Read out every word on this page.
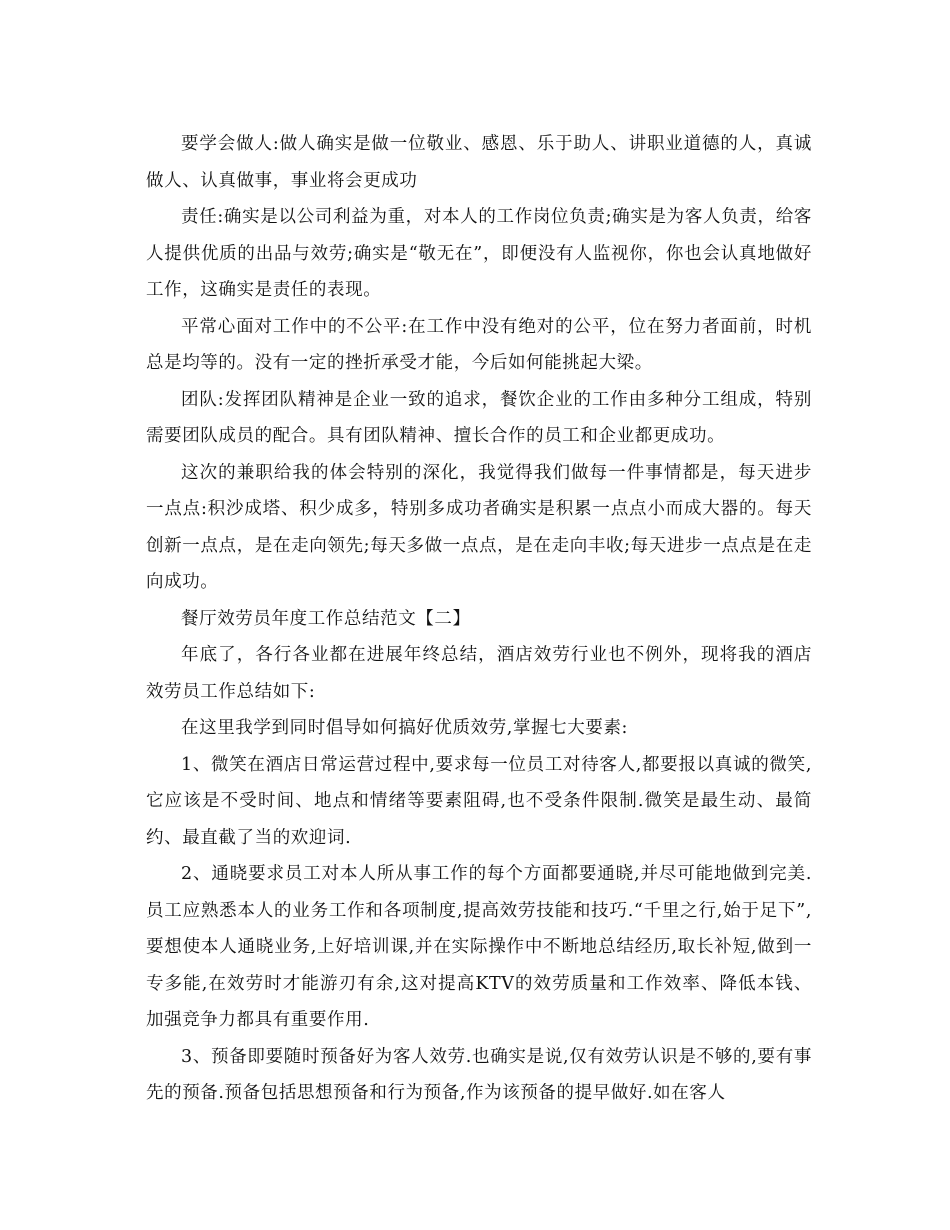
要学会做人:做人确实是做一位敬业、感恩、乐于助人、讲职业道德的人，真诚做人、认真做事，事业将会更成功

责任:确实是以公司利益为重，对本人的工作岗位负责;确实是为客人负责，给客人提供优质的出品与效劳;确实是“敬无在”，即便没有人监视你，你也会认真地做好工作，这确实是责任的表现。

平常心面对工作中的不公平:在工作中没有绝对的公平，位在努力者面前，时机总是均等的。没有一定的挫折承受才能，今后如何能挑起大梁。

团队:发挥团队精神是企业一致的追求，餐饮企业的工作由多种分工组成，特别需要团队成员的配合。具有团队精神、擅长合作的员工和企业都更成功。

这次的兼职给我的体会特别的深化，我觉得我们做每一件事情都是，每天进步一点点:积沙成塔、积少成多，特别多成功者确实是积累一点点小而成大器的。每天创新一点点，是在走向领先;每天多做一点点，是在走向丰收;每天进步一点点是在走向成功。

餐厅效劳员年度工作总结范文【二】

年底了，各行各业都在进展年终总结，酒店效劳行业也不例外，现将我的酒店效劳员工作总结如下:

在这里我学到同时倡导如何搞好优质效劳,掌握七大要素:

1、微笑在酒店日常运营过程中,要求每一位员工对待客人,都要报以真诚的微笑,它应该是不受时间、地点和情绪等要素阻碍,也不受条件限制.微笑是最生动、最简约、最直截了当的欢迎词.

2、通晓要求员工对本人所从事工作的每个方面都要通晓,并尽可能地做到完美.员工应熟悉本人的业务工作和各项制度,提高效劳技能和技巧.“千里之行,始于足下”,要想使本人通晓业务,上好培训课,并在实际操作中不断地总结经历,取长补短,做到一专多能,在效劳时才能游刃有余,这对提高KTV的效劳质量和工作效率、降低本钱、加强竞争力都具有重要作用.

3、预备即要随时预备好为客人效劳.也确实是说,仅有效劳认识是不够的,要有事先的预备.预备包括思想预备和行为预备,作为该预备的提早做好.如在客人
